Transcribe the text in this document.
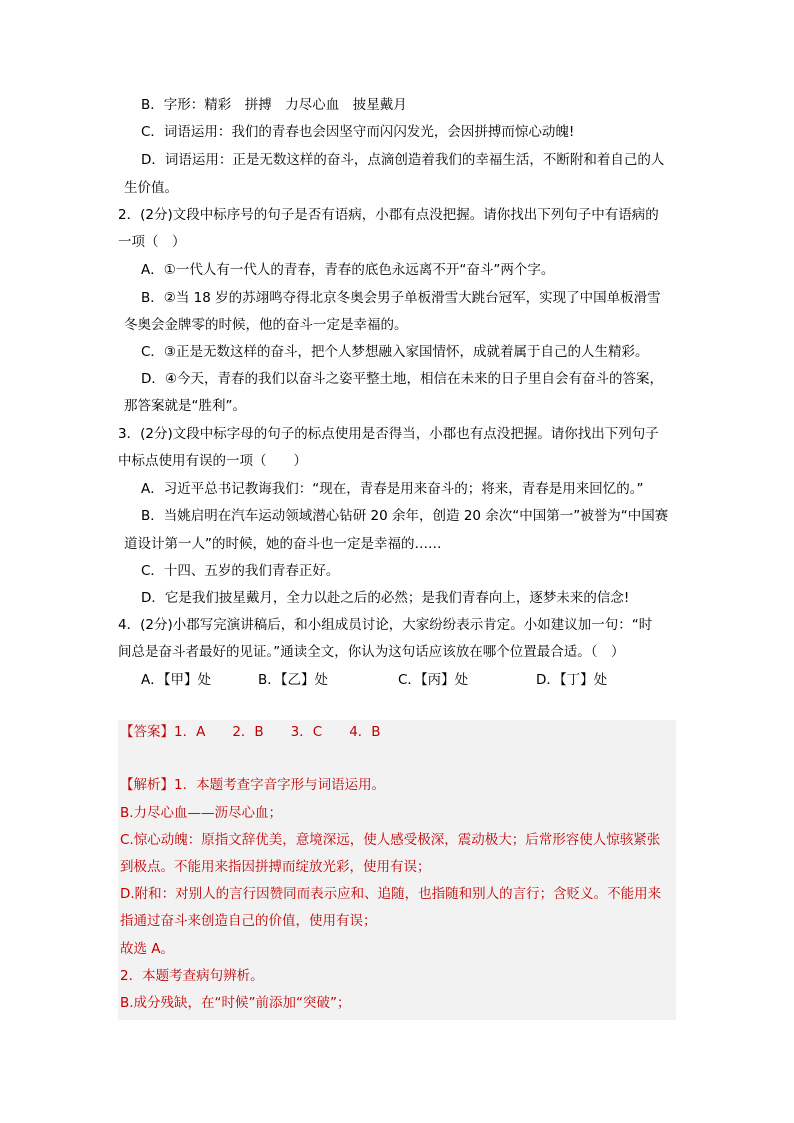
B．字形：精彩　拼搏　力尽心血　披星戴月
C．词语运用：我们的青春也会因坚守而闪闪发光，会因拼搏而惊心动魄!
D．词语运用：正是无数这样的奋斗，点滴创造着我们的幸福生活，不断附和着自己的人
生价值。
2．(2分)文段中标序号的句子是否有语病，小郡有点没把握。请你找出下列句子中有语病的
一项（　）
A．①一代人有一代人的青春，青春的底色永远离不开“奋斗”两个字。
B．②当 18 岁的苏翊鸣夺得北京冬奥会男子单板滑雪大跳台冠军，实现了中国单板滑雪
冬奥会金牌零的时候，他的奋斗一定是幸福的。
C．③正是无数这样的奋斗，把个人梦想融入家国情怀，成就着属于自己的人生精彩。
D．④今天，青春的我们以奋斗之姿平整土地，相信在未来的日子里自会有奋斗的答案，
那答案就是“胜利”。
3．(2分)文段中标字母的句子的标点使用是否得当，小郡也有点没把握。请你找出下列句子
中标点使用有误的一项（　　）
A．习近平总书记教诲我们：“现在，青春是用来奋斗的；将来，青春是用来回忆的。”
B．当姚启明在汽车运动领域潜心钻研 20 余年，创造 20 余次“中国第一”被誉为“中国赛
道设计第一人”的时候，她的奋斗也一定是幸福的……
C．十四、五岁的我们青春正好。
D．它是我们披星戴月，全力以赴之后的必然；是我们青春向上，逐梦未来的信念!
4．(2分)小郡写完演讲稿后，和小组成员讨论，大家纷纷表示肯定。小如建议加一句：“时
间总是奋斗者最好的见证。”通读全文，你认为这句话应该放在哪个位置最合适。（　）
A．【甲】处	B．【乙】处	C．【丙】处	D．【丁】处
【答案】1．A　　2．B　　3．C　　4．B
【解析】1．本题考查字音字形与词语运用。
B.力尽心血——沥尽心血；
C.惊心动魄：原指文辞优美，意境深远，使人感受极深，震动极大；后常形容使人惊骇紧张
到极点。不能用来指因拼搏而绽放光彩，使用有误；
D.附和：对别人的言行因赞同而表示应和、追随，也指随和别人的言行；含贬义。不能用来
指通过奋斗来创造自己的价值，使用有误；
故选 A。
2．本题考查病句辨析。
B.成分残缺，在“时候”前添加“突破”；
